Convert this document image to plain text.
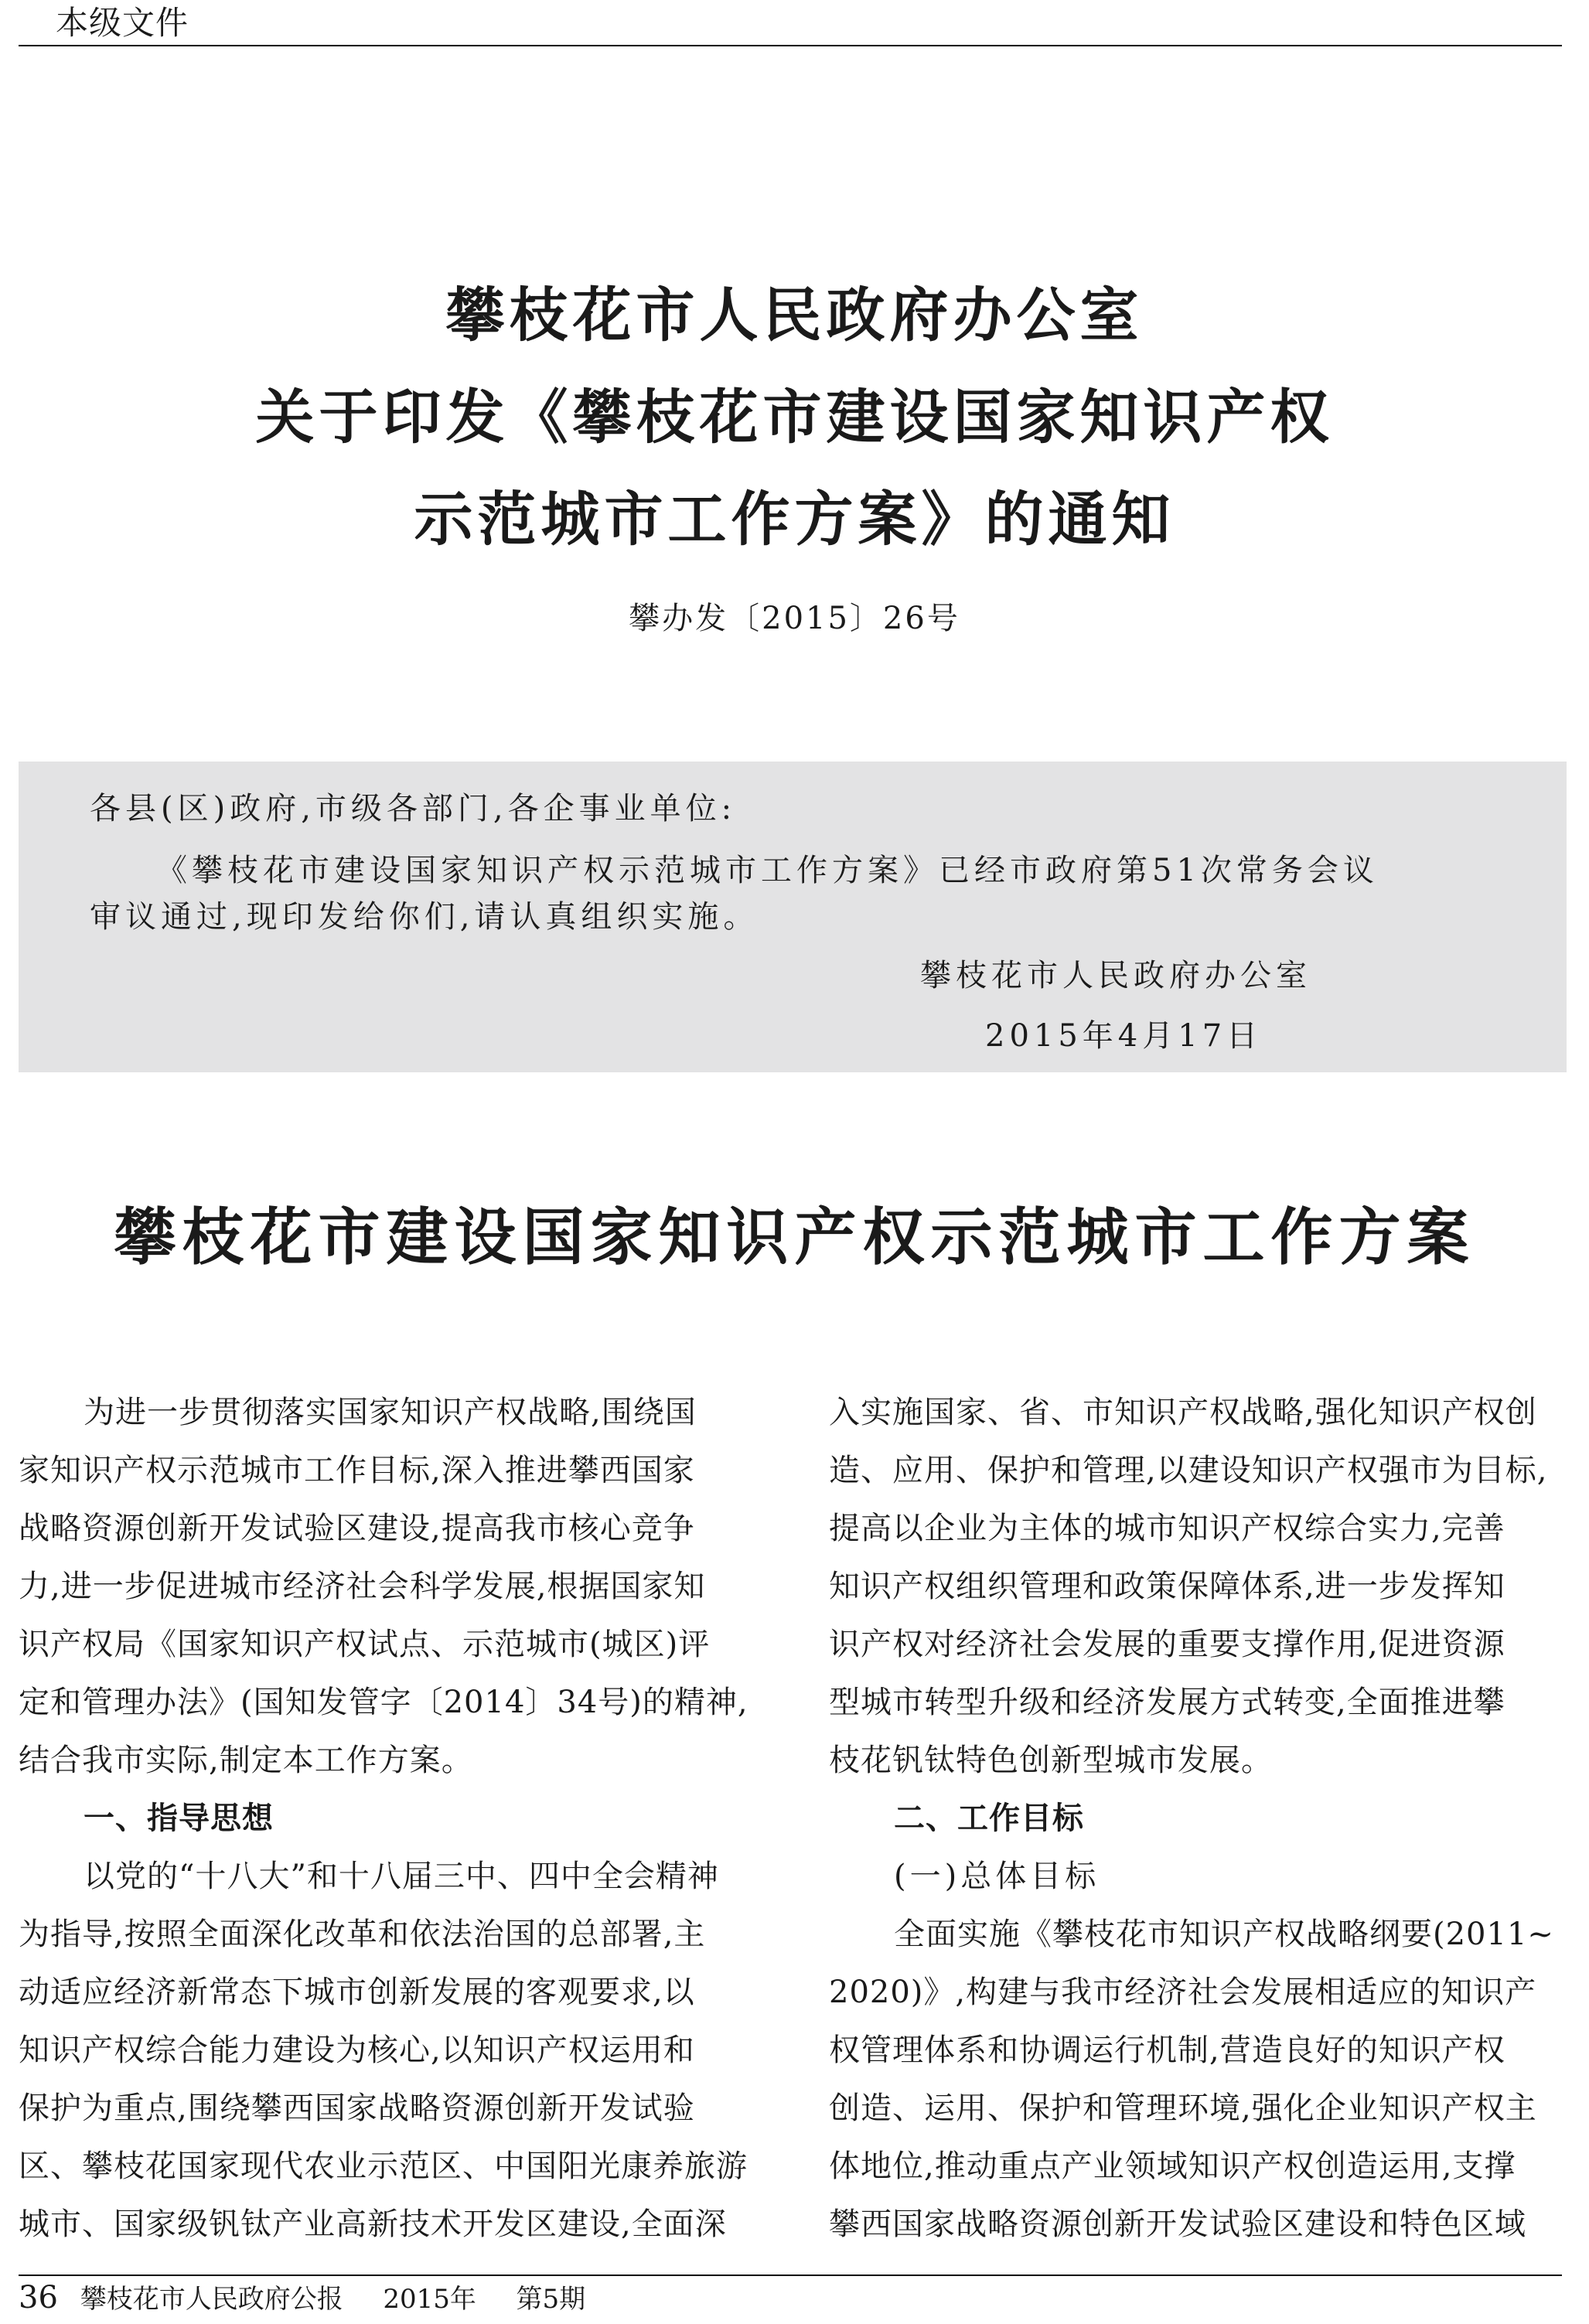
本级文件
攀枝花市人民政府办公室
关于印发《攀枝花市建设国家知识产权
示范城市工作方案》的通知
攀办发〔2015〕26号
各县(区)政府,市级各部门,各企事业单位:
《攀枝花市建设国家知识产权示范城市工作方案》已经市政府第51次常务会议
审议通过,现印发给你们,请认真组织实施。
攀枝花市人民政府办公室
2015年4月17日
攀枝花市建设国家知识产权示范城市工作方案

为进一步贯彻落实国家知识产权战略,围绕国

家知识产权示范城市工作目标,深入推进攀西国家

战略资源创新开发试验区建设,提高我市核心竞争

力,进一步促进城市经济社会科学发展,根据国家知

识产权局《国家知识产权试点、示范城市(城区)评

定和管理办法》(国知发管字〔2014〕34号)的精神,

结合我市实际,制定本工作方案。

一、指导思想

以党的“十八大”和十八届三中、四中全会精神

为指导,按照全面深化改革和依法治国的总部署,主

动适应经济新常态下城市创新发展的客观要求,以

知识产权综合能力建设为核心,以知识产权运用和

保护为重点,围绕攀西国家战略资源创新开发试验

区、攀枝花国家现代农业示范区、中国阳光康养旅游

城市、国家级钒钛产业高新技术开发区建设,全面深

入实施国家、省、市知识产权战略,强化知识产权创

造、应用、保护和管理,以建设知识产权强市为目标,

提高以企业为主体的城市知识产权综合实力,完善

知识产权组织管理和政策保障体系,进一步发挥知

识产权对经济社会发展的重要支撑作用,促进资源

型城市转型升级和经济发展方式转变,全面推进攀

枝花钒钛特色创新型城市发展。

二、工作目标

(一)总体目标

全面实施《攀枝花市知识产权战略纲要(2011~

2020)》,构建与我市经济社会发展相适应的知识产

权管理体系和协调运行机制,营造良好的知识产权

创造、运用、保护和管理环境,强化企业知识产权主

体地位,推动重点产业领域知识产权创造运用,支撑

攀西国家战略资源创新开发试验区建设和特色区域

36 攀枝花市人民政府公报 2015年 第5期
